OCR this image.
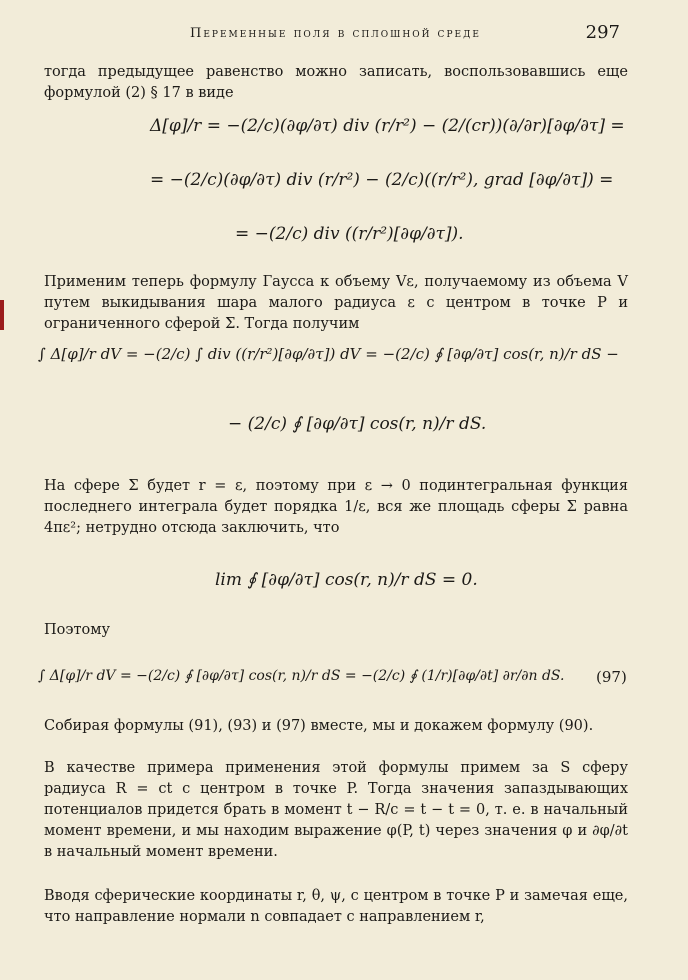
Переменные поля в сплошной среде	297
тогда предыдущее равенство можно записать, воспользовавшись еще формулой (2) § 17 в виде
Δ[φ]/r = −(2/c)(∂φ/∂τ) div (r/r²) − (2/(cr))(∂/∂r)[∂φ/∂τ] =
= −(2/c)(∂φ/∂τ) div (r/r²) − (2/c)((r/r²), grad [∂φ/∂τ]) =
= −(2/c) div ((r/r²)[∂φ/∂τ]).
Применим теперь формулу Гаусса к объему Vε, получаемому из объема V путем выкидывания шара малого радиуса ε с центром в точке P и ограниченного сферой Σ. Тогда получим
∫ Δ[φ]/r dV = −(2/c) ∫ div ((r/r²)[∂φ/∂τ]) dV = −(2/c) ∮ [∂φ/∂τ] cos(r, n)/r dS −
− (2/c) ∮ [∂φ/∂τ] cos(r, n)/r dS.
На сфере Σ будет r = ε, поэтому при ε → 0 подинтегральная функция последнего интеграла будет порядка 1/ε, вся же площадь сферы Σ равна 4πε²; нетрудно отсюда заключить, что
lim ∮ [∂φ/∂τ] cos(r, n)/r dS = 0.
Поэтому
∫ Δ[φ]/r dV = −(2/c) ∮ [∂φ/∂τ] cos(r, n)/r dS = −(2/c) ∮ (1/r)[∂φ/∂t] ∂r/∂n dS. (97)
Собирая формулы (91), (93) и (97) вместе, мы и докажем формулу (90).
В качестве примера применения этой формулы примем за S сферу радиуса R = ct с центром в точке P. Тогда значения запаздывающих потенциалов придется брать в момент t − R/c = t − t = 0, т. е. в начальный момент времени, и мы находим выражение φ(P, t) через значения φ и ∂φ/∂t в начальный момент времени.
Вводя сферические координаты r, θ, ψ, с центром в точке P и замечая еще, что направление нормали n совпадает с направлением r,
